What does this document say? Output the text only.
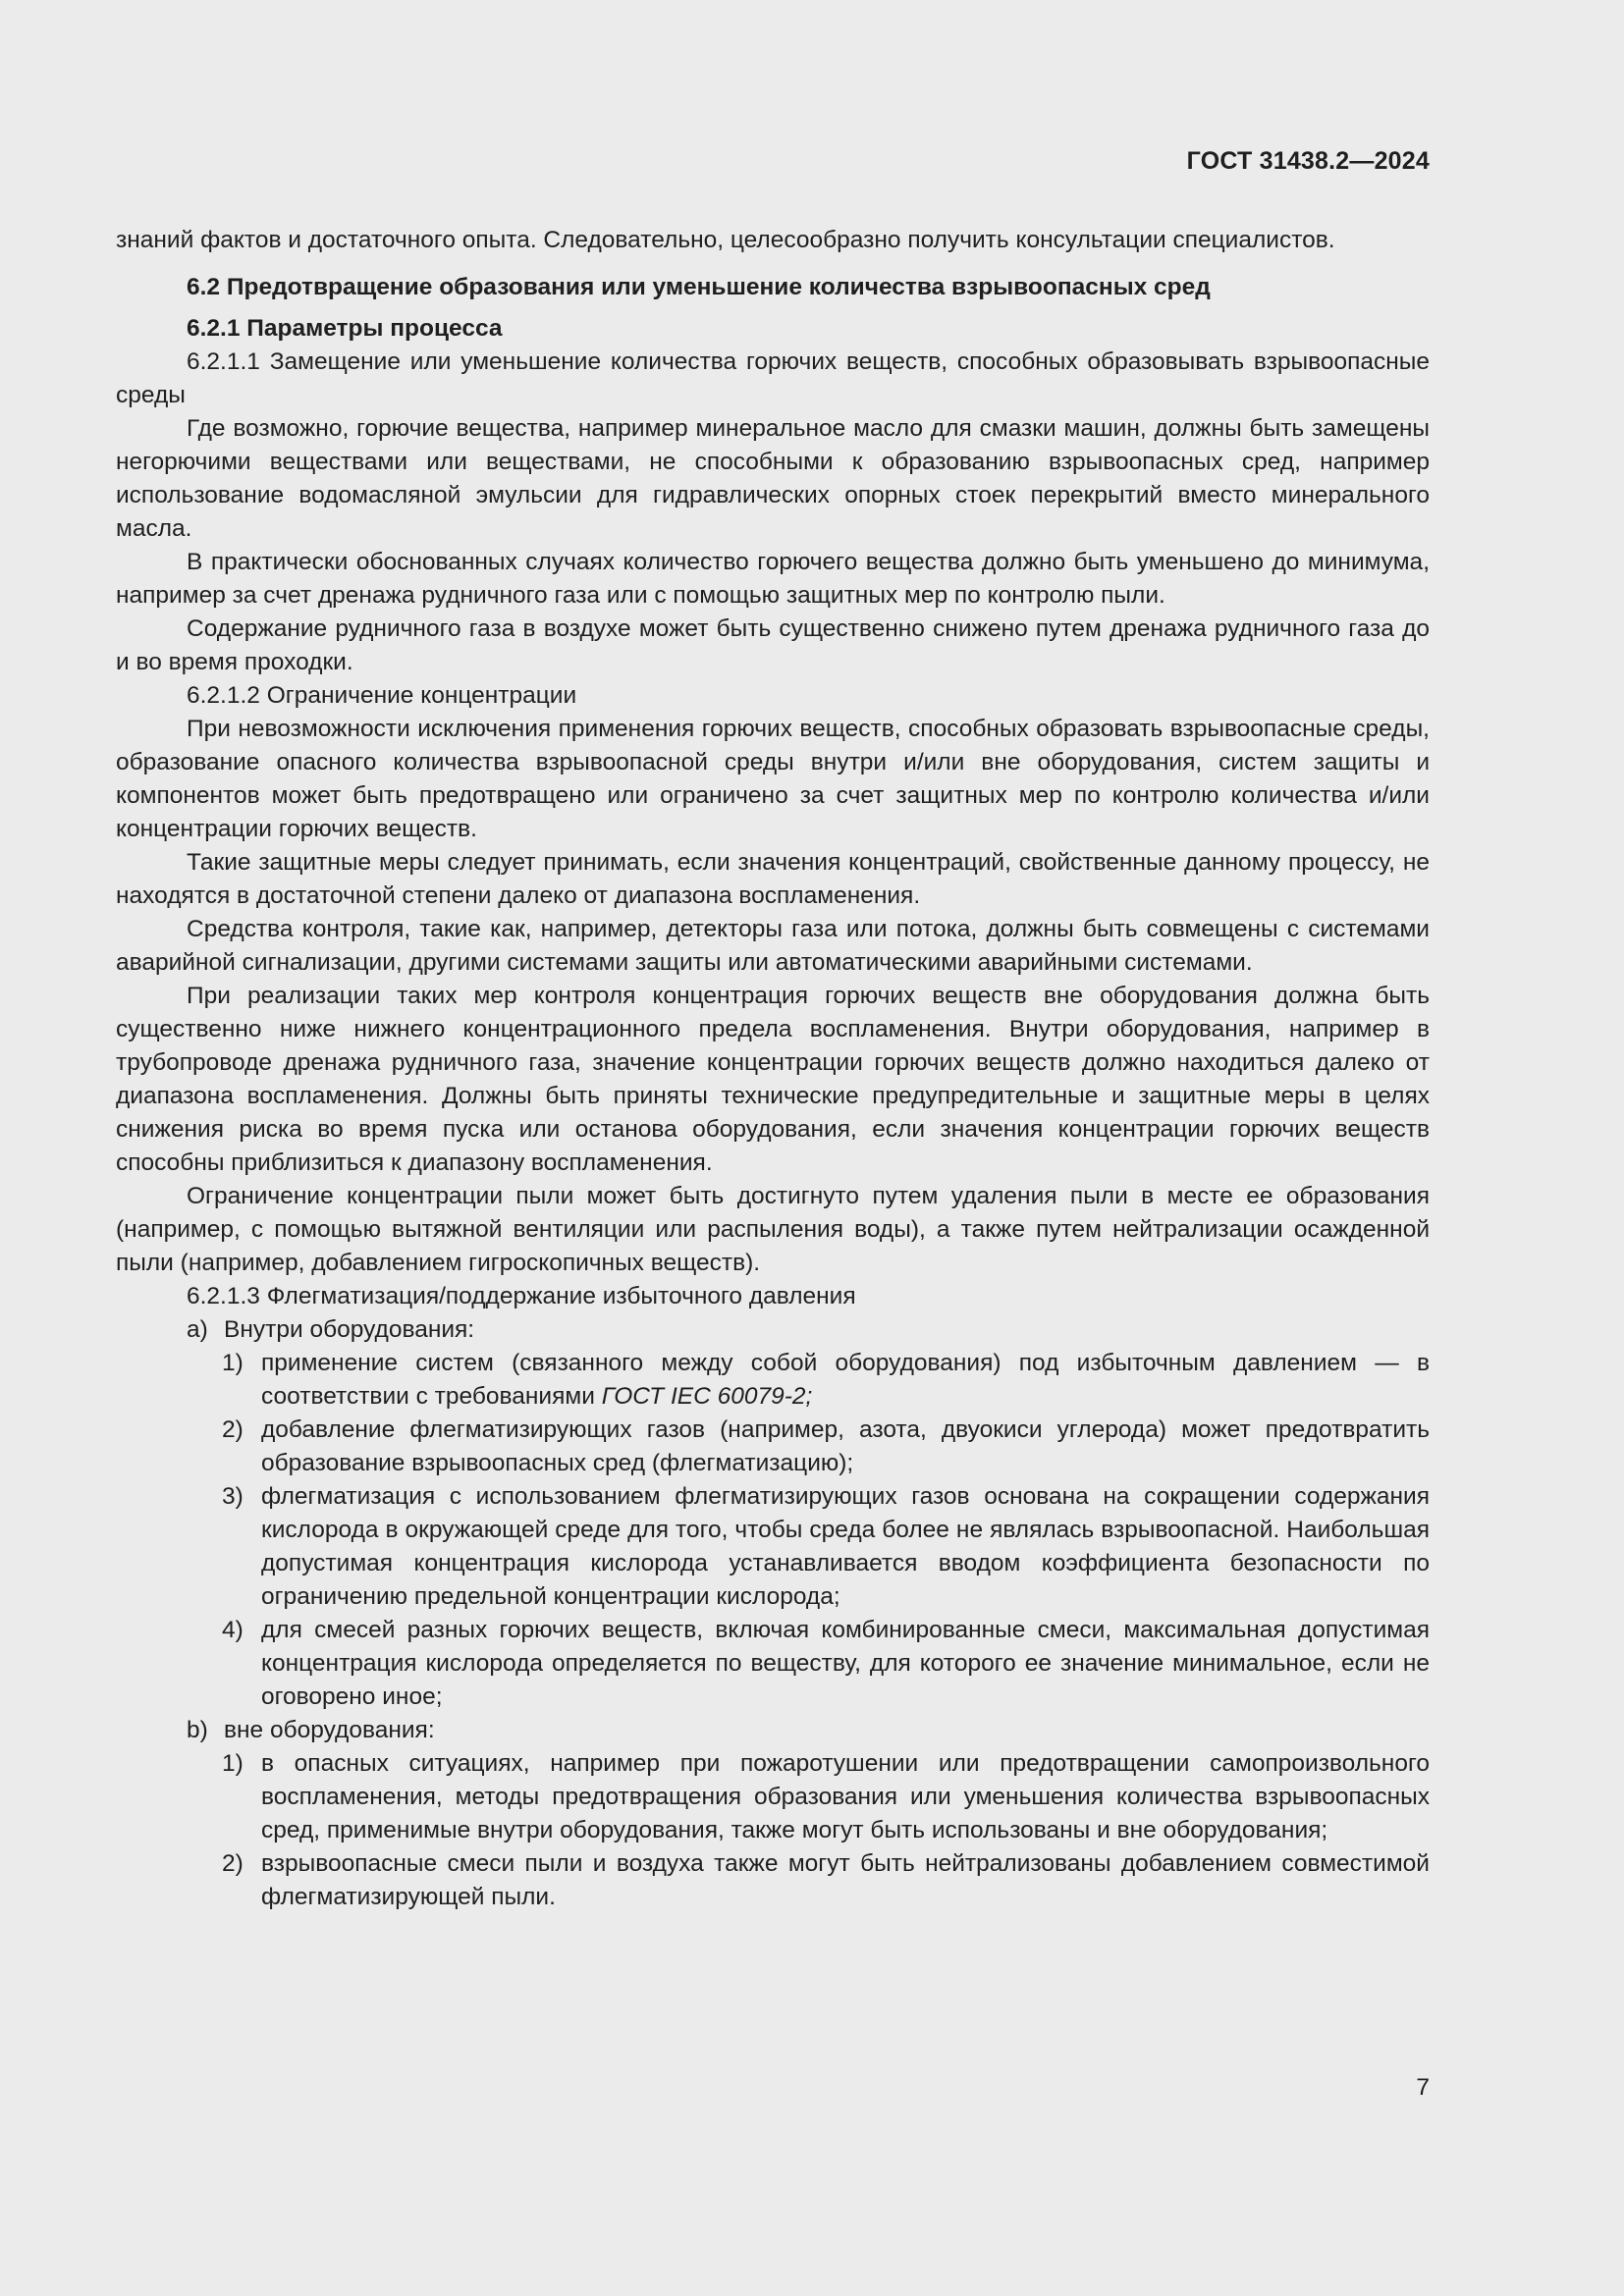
ГОСТ 31438.2—2024

знаний фактов и достаточного опыта. Следовательно, целесообразно получить консультации специалистов.

6.2 Предотвращение образования или уменьшение количества взрывоопасных сред

6.2.1 Параметры процесса

6.2.1.1 Замещение или уменьшение количества горючих веществ, способных образовывать взрывоопасные среды

Где возможно, горючие вещества, например минеральное масло для смазки машин, должны быть замещены негорючими веществами или веществами, не способными к образованию взрывоопасных сред, например использование водомасляной эмульсии для гидравлических опорных стоек перекрытий вместо минерального масла.

В практически обоснованных случаях количество горючего вещества должно быть уменьшено до минимума, например за счет дренажа рудничного газа или с помощью защитных мер по контролю пыли.

Содержание рудничного газа в воздухе может быть существенно снижено путем дренажа рудничного газа до и во время проходки.

6.2.1.2 Ограничение концентрации

При невозможности исключения применения горючих веществ, способных образовать взрывоопасные среды, образование опасного количества взрывоопасной среды внутри и/или вне оборудования, систем защиты и компонентов может быть предотвращено или ограничено за счет защитных мер по контролю количества и/или концентрации горючих веществ.

Такие защитные меры следует принимать, если значения концентраций, свойственные данному процессу, не находятся в достаточной степени далеко от диапазона воспламенения.

Средства контроля, такие как, например, детекторы газа или потока, должны быть совмещены с системами аварийной сигнализации, другими системами защиты или автоматическими аварийными системами.

При реализации таких мер контроля концентрация горючих веществ вне оборудования должна быть существенно ниже нижнего концентрационного предела воспламенения. Внутри оборудования, например в трубопроводе дренажа рудничного газа, значение концентрации горючих веществ должно находиться далеко от диапазона воспламенения. Должны быть приняты технические предупредительные и защитные меры в целях снижения риска во время пуска или останова оборудования, если значения концентрации горючих веществ способны приблизиться к диапазону воспламенения.

Ограничение концентрации пыли может быть достигнуто путем удаления пыли в месте ее образования (например, с помощью вытяжной вентиляции или распыления воды), а также путем нейтрализации осажденной пыли (например, добавлением гигроскопичных веществ).

6.2.1.3 Флегматизация/поддержание избыточного давления

a) Внутри оборудования:
1) применение систем (связанного между собой оборудования) под избыточным давлением — в соответствии с требованиями ГОСТ IEC 60079-2;
2) добавление флегматизирующих газов (например, азота, двуокиси углерода) может предотвратить образование взрывоопасных сред (флегматизацию);
3) флегматизация с использованием флегматизирующих газов основана на сокращении содержания кислорода в окружающей среде для того, чтобы среда более не являлась взрывоопасной. Наибольшая допустимая концентрация кислорода устанавливается вводом коэффициента безопасности по ограничению предельной концентрации кислорода;
4) для смесей разных горючих веществ, включая комбинированные смеси, максимальная допустимая концентрация кислорода определяется по веществу, для которого ее значение минимальное, если не оговорено иное;
b) вне оборудования:
1) в опасных ситуациях, например при пожаротушении или предотвращении самопроизвольного воспламенения, методы предотвращения образования или уменьшения количества взрывоопасных сред, применимые внутри оборудования, также могут быть использованы и вне оборудования;
2) взрывоопасные смеси пыли и воздуха также могут быть нейтрализованы добавлением совместимой флегматизирующей пыли.
7
